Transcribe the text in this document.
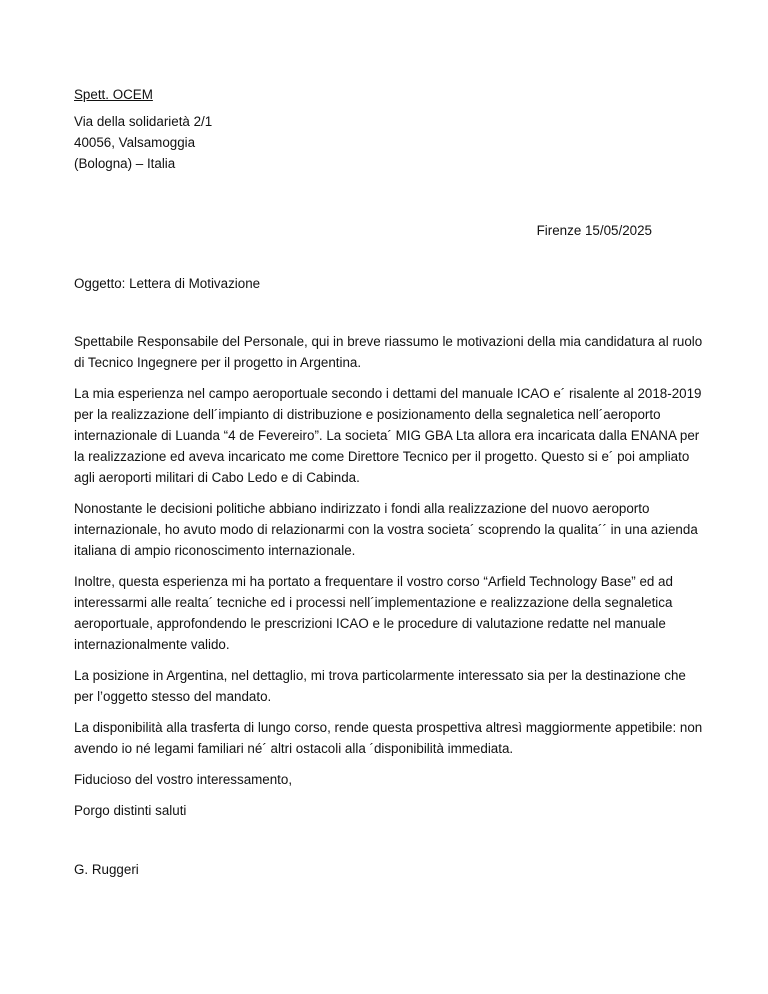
Spett. OCEM

Via della solidarietà 2/1

40056, Valsamoggia

(Bologna) – Italia

Firenze 15/05/2025

Oggetto: Lettera di Motivazione

Spettabile Responsabile del Personale, qui in breve riassumo le motivazioni della mia candidatura al ruolo di Tecnico Ingegnere per il progetto in Argentina.

La mia esperienza nel campo aeroportuale secondo i dettami del manuale ICAO e´ risalente al 2018-2019 per la realizzazione dell´impianto di distribuzione e posizionamento della segnaletica nell´aeroporto internazionale di Luanda “4 de Fevereiro”. La societa´ MIG GBA Lta allora era incaricata dalla ENANA per la realizzazione ed aveva incaricato me come Direttore Tecnico per il progetto. Questo si e´ poi ampliato agli aeroporti militari di Cabo Ledo e di Cabinda.

Nonostante le decisioni politiche abbiano indirizzato i fondi alla realizzazione del nuovo aeroporto internazionale, ho avuto modo di relazionarmi con la vostra societa´ scoprendo la qualita´´ in una azienda italiana di ampio riconoscimento internazionale.

Inoltre, questa esperienza mi ha portato a frequentare il vostro corso “Arfield Technology Base” ed ad interessarmi alle realta´ tecniche ed i processi nell´implementazione e realizzazione della segnaletica aeroportuale, approfondendo le prescrizioni ICAO e le procedure di valutazione redatte nel manuale internazionalmente valido.

La posizione in Argentina, nel dettaglio, mi trova particolarmente interessato sia per la destinazione che per l’oggetto stesso del mandato.

La disponibilità alla trasferta di lungo corso, rende questa prospettiva altresì maggiormente appetibile: non avendo io né legami familiari né´ altri ostacoli alla ´disponibilità immediata.

Fiducioso del vostro interessamento,

Porgo distinti saluti

G. Ruggeri
